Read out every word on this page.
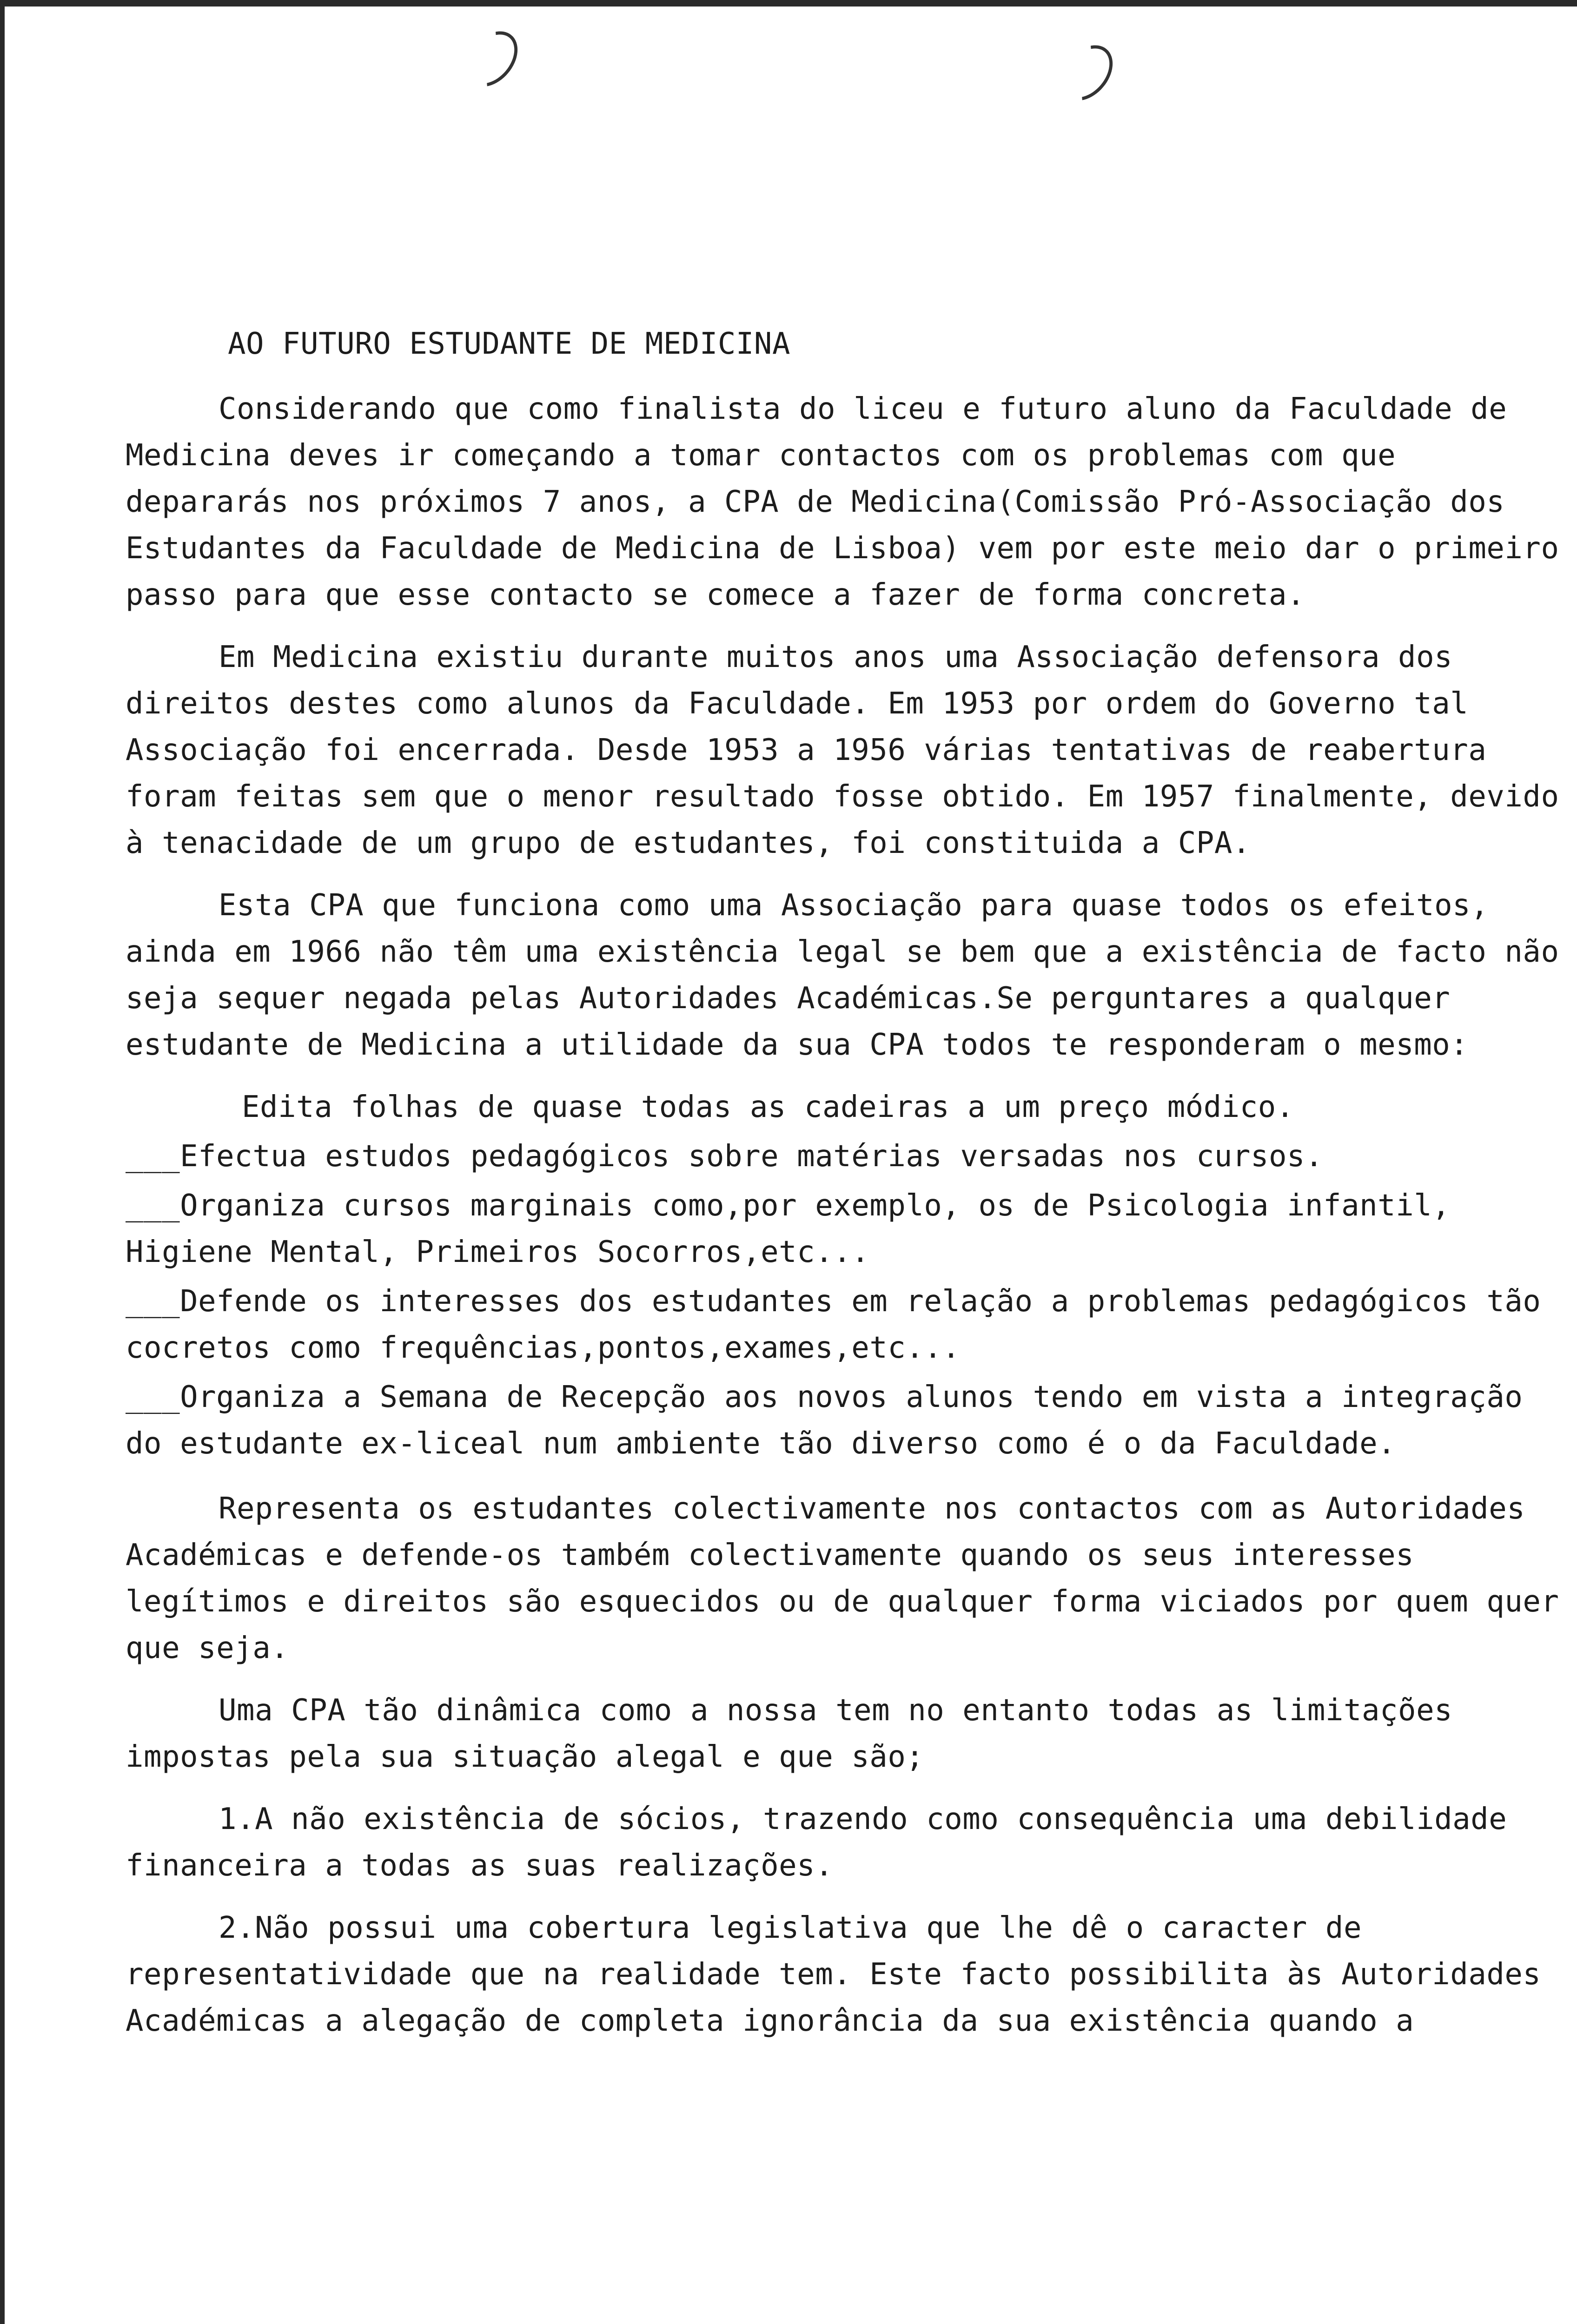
AO FUTURO ESTUDANTE DE MEDICINA

Considerando que como finalista do liceu e futuro aluno da Faculdade de Medicina deves ir começando a tomar contactos com os problemas com que depararás nos próximos 7 anos, a CPA de Medicina(Comissão Pró-Associação dos Estudantes da Faculdade de Medicina de Lisboa) vem por este meio dar o primeiro passo para que esse contacto se comece a fazer de forma concreta.

Em Medicina existiu durante muitos anos uma Associação defensora dos direitos destes como alunos da Faculdade. Em 1953 por ordem do Governo tal Associação foi encerrada. Desde 1953 a 1956 várias tentativas de reabertura foram feitas sem que o menor resultado fosse obtido. Em 1957 finalmente, devido à tenacidade de um grupo de estudantes, foi constituida a CPA.

Esta CPA que funciona como uma Associação para quase todos os efeitos, ainda em 1966 não têm uma existência legal se bem que a existência de facto não seja sequer negada pelas Autoridades Académicas.Se perguntares a qualquer estudante de Medicina a utilidade da sua CPA todos te responderam o mesmo:

Edita folhas de quase todas as cadeiras a um preço módico.
___Efectua estudos pedagógicos sobre matérias versadas nos cursos.
___Organiza cursos marginais como,por exemplo, os de Psicologia infantil, Higiene Mental, Primeiros Socorros,etc...
___Defende os interesses dos estudantes em relação a problemas pedagógicos tão cocretos como frequências,pontos,exames,etc...
___Organiza a Semana de Recepção aos novos alunos tendo em vista a integração do estudante ex-liceal num ambiente tão diverso como é o da Faculdade.

Representa os estudantes colectivamente nos contactos com as Autoridades Académicas e defende-os também colectivamente quando os seus interesses legítimos e direitos são esquecidos ou de qualquer forma viciados por quem quer que seja.

Uma CPA tão dinâmica como a nossa tem no entanto todas as limitações impostas pela sua situação alegal e que são;

1.A não existência de sócios, trazendo como consequência uma debilidade financeira a todas as suas realizações.

2.Não possui uma cobertura legislativa que lhe dê o caracter de representatividade que na realidade tem. Este facto possibilita às Autoridades Académicas a alegação de completa ignorância da sua existência quando a
